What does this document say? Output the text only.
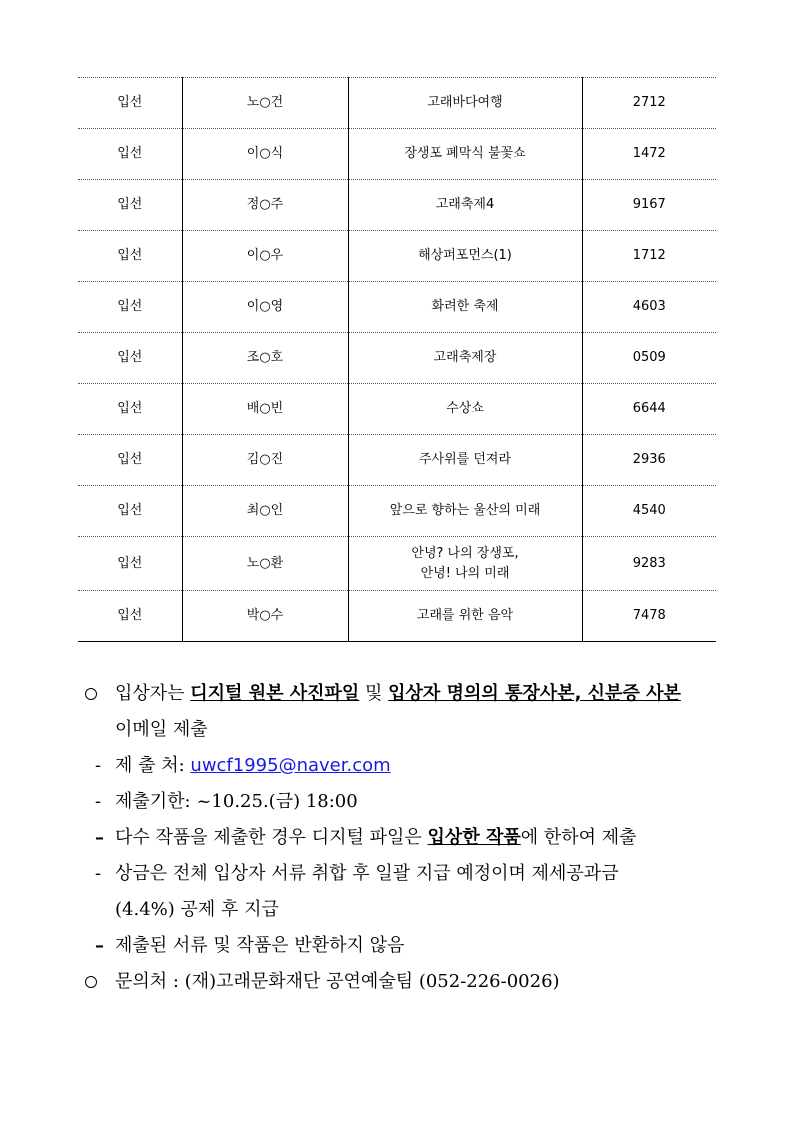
입선	노○건	고래바다여행	2712
입선	이○식	장생포 폐막식 불꽃쇼	1472
입선	정○주	고래축제4	9167
입선	이○우	해상퍼포먼스(1)	1712
입선	이○영	화려한 축제	4603
입선	조○호	고래축제장	0509
입선	배○빈	수상쇼	6644
입선	김○진	주사위를 던져라	2936
입선	최○인	앞으로 향하는 울산의 미래	4540
입선	노○환	안녕? 나의 장생포,
안녕! 나의 미래	9283
입선	박○수	고래를 위한 음악	7478
입상자는 디지털 원본 사진파일 및 입상자 명의의 통장사본, 신분증 사본
이메일 제출
- 제 출 처: uwcf1995@naver.com
- 제출기한: ~10.25.(금) 18:00
– 다수 작품을 제출한 경우 디지털 파일은 입상한 작품에 한하여 제출
- 상금은 전체 입상자 서류 취합 후 일괄 지급 예정이며 제세공과금
(4.4%) 공제 후 지급
– 제출된 서류 및 작품은 반환하지 않음
문의처 : (재)고래문화재단 공연예술팀 (052-226-0026)
